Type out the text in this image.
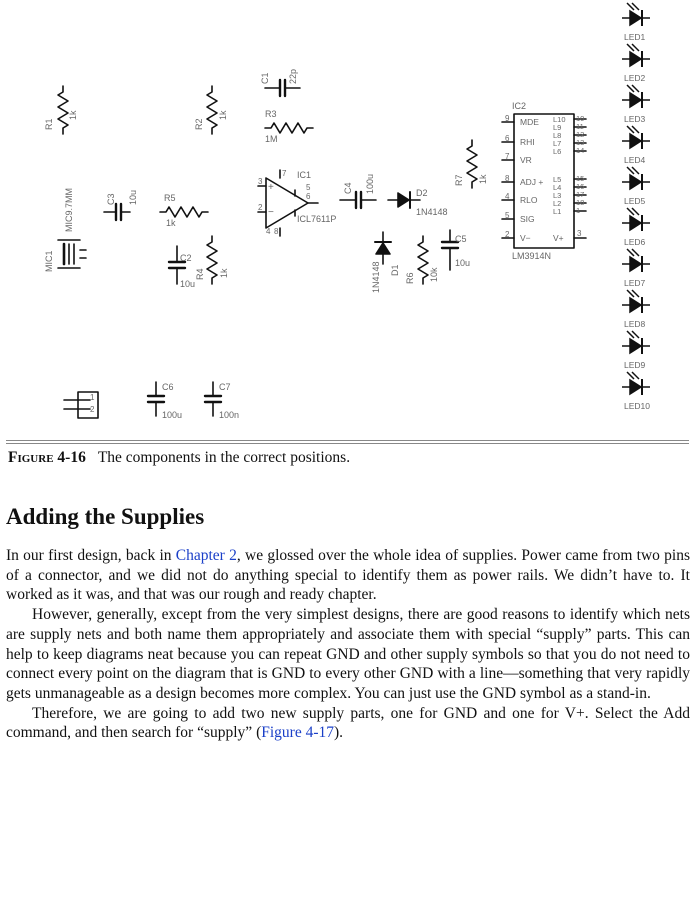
LED1
LED2
LED3
LED4
LED5
LED6
LED7
LED8
LED9
LED10
R1
1k
R2
1k
C1 22p
R3
1M
IC1
ICL7611P
3
2
6
5
7
4 8
+
−
C3 10u	R5
1k
MIC9.7MM
MIC1	C2
10u
R4 1k
C4 100u	D2
1N4148
D1
1N4148	R6 10k
C5
10u
R7 1k
IC2
LM3914N
1
2
C6
100u
C7
100n
9 MDE
6 RHI
7 VR
8 ADJ +
4 RLO
5 SIG
2 V−
L10
L9
L8
L7
L6
L5
L4
L3
L2
L1
10
11
12
13
14
15
16
17
18
1
V+ 3
Figure 4-16 The components in the correct positions.
Adding the Supplies

In our first design, back in Chapter 2, we glossed over the whole idea of supplies. Power came from two pins of a connector, and we did not do anything special to identify them as power rails. We didn’t have to. It worked as it was, and that was our rough and ready chapter.

However, generally, except from the very simplest designs, there are good reasons to identify which nets are supply nets and both name them appropriately and associate them with special “supply” parts. This can help to keep diagrams neat because you can repeat GND and other supply symbols so that you do not need to connect every point on the diagram that is GND to every other GND with a line—something that very rapidly gets unmanageable as a design becomes more complex. You can just use the GND symbol as a stand-in.

Therefore, we are going to add two new supply parts, one for GND and one for V+. Select the Add command, and then search for “supply” (Figure 4-17).
